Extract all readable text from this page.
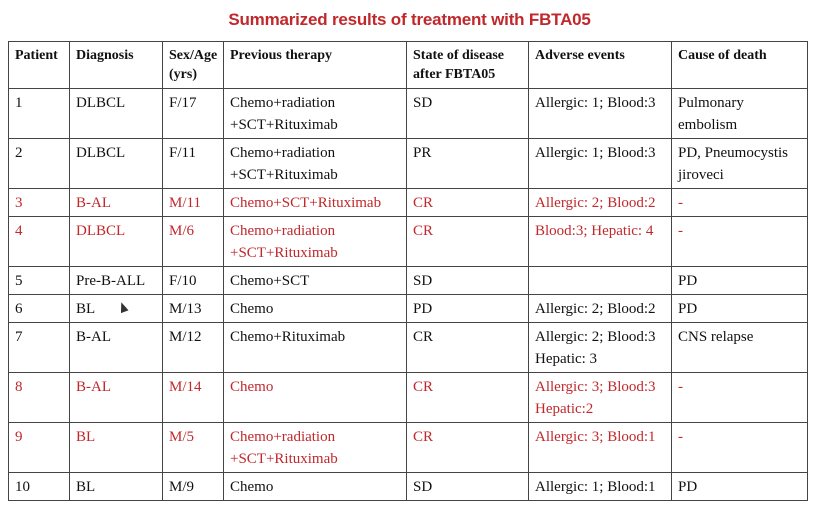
Summarized results of treatment with FBTA05
Patient	Diagnosis	Sex/Age
(yrs)	Previous therapy	State of disease
after FBTA05	Adverse events	Cause of death
1	DLBCL	F/17	Chemo+radiation
+SCT+Rituximab	SD	Allergic: 1; Blood:3	Pulmonary
embolism
2	DLBCL	F/11	Chemo+radiation
+SCT+Rituximab	PR	Allergic: 1; Blood:3	PD, Pneumocystis
jiroveci
3	B-AL	M/11	Chemo+SCT+Rituximab	CR	Allergic: 2; Blood:2	-
4	DLBCL	M/6	Chemo+radiation
+SCT+Rituximab	CR	Blood:3; Hepatic: 4	-
5	Pre-B-ALL	F/10	Chemo+SCT	SD		PD
6	BL	M/13	Chemo	PD	Allergic: 2; Blood:2	PD
7	B-AL	M/12	Chemo+Rituximab	CR	Allergic: 2; Blood:3
Hepatic: 3	CNS relapse
8	B-AL	M/14	Chemo	CR	Allergic: 3; Blood:3
Hepatic:2	-
9	BL	M/5	Chemo+radiation
+SCT+Rituximab	CR	Allergic: 3; Blood:1	-
10	BL	M/9	Chemo	SD	Allergic: 1; Blood:1	PD
